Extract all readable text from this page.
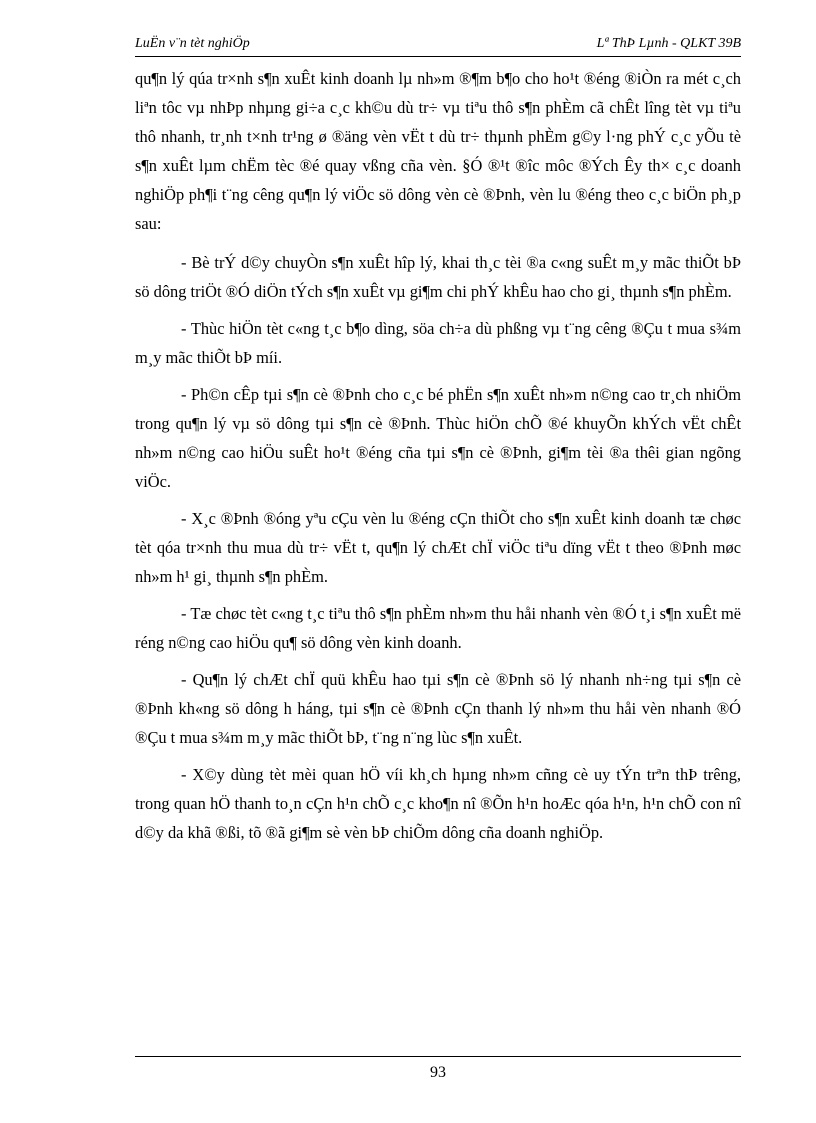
LuËn v¨n tèt nghiÖp	Lª ThÞ Lµnh - QLKT 39B

qu¶n lý qúa tr×nh s¶n xuÊt kinh doanh lµ nh»m ®¶m b¶o cho ho¹t ®éng ®iÒn ra mét c¸ch liªn tôc vµ nhÞp nhµng gi÷a c¸c kh©u dù tr÷ vµ tiªu thô s¶n phÈm cã chÊt lîng tèt vµ tiªu thô nhanh, tr¸nh t×nh tr¹ng ø ®äng vèn vËt t dù tr÷ thµnh phÈm g©y l·ng phÝ c¸c yÕu tè s¶n xuÊt lµm chËm tèc ®é quay vßng cña vèn. §Ó ®¹t ®îc môc ®Ých Êy th× c¸c doanh nghiÖp ph¶i t¨ng cêng qu¶n lý viÖc sö dông vèn cè ®Þnh, vèn lu ®éng theo c¸c biÖn ph¸p sau:

- Bè trÝ d©y chuyÒn s¶n xuÊt hîp lý, khai th¸c tèi ®a c«ng suÊt m¸y mãc thiÕt bÞ sö dông triÖt ®Ó diÖn tÝch s¶n xuÊt vµ gi¶m chi phÝ khÊu hao cho gi¸ thµnh s¶n phÈm.

- Thùc hiÖn tèt c«ng t¸c b¶o dìng, söa ch÷a dù phßng vµ t¨ng cêng ®Çu t mua s¾m m¸y mãc thiÕt bÞ míi.

- Ph©n cÊp tµi s¶n cè ®Þnh cho c¸c bé phËn s¶n xuÊt nh»m n©ng cao tr¸ch nhiÖm trong qu¶n lý vµ sö dông tµi s¶n cè ®Þnh. Thùc hiÖn chÕ ®é khuyÕn khÝch vËt chÊt nh»m n©ng cao hiÖu suÊt ho¹t ®éng cña tµi s¶n cè ®Þnh, gi¶m tèi ®a thêi gian ngõng viÖc.

- X¸c ®Þnh ®óng yªu cÇu vèn lu ®éng cÇn thiÕt cho s¶n xuÊt kinh doanh tæ chøc tèt qóa tr×nh thu mua dù tr÷ vËt t, qu¶n lý chÆt chÏ viÖc tiªu dïng vËt t theo ®Þnh møc nh»m h¹ gi¸ thµnh s¶n phÈm.

- Tæ chøc tèt c«ng t¸c tiªu thô s¶n phÈm nh»m thu håi nhanh vèn ®Ó t¸i s¶n xuÊt më réng n©ng cao hiÖu qu¶ sö dông vèn kinh doanh.

- Qu¶n lý chÆt chÏ quü khÊu hao tµi s¶n cè ®Þnh sö lý nhanh nh÷ng tµi s¶n cè ®Þnh kh«ng sö dông h háng, tµi s¶n cè ®Þnh cÇn thanh lý nh»m thu håi vèn nhanh ®Ó ®Çu t mua s¾m m¸y mãc thiÕt bÞ, t¨ng n¨ng lùc s¶n xuÊt.

- X©y dùng tèt mèi quan hÖ víi kh¸ch hµng nh»m cñng cè uy tÝn trªn thÞ trêng, trong quan hÖ thanh to¸n cÇn h¹n chÕ c¸c kho¶n nî ®Õn h¹n hoÆc qóa h¹n, h¹n chÕ con nî d©y da khã ®ßi, tõ ®ã gi¶m sè vèn bÞ chiÕm dông cña doanh nghiÖp.

93
